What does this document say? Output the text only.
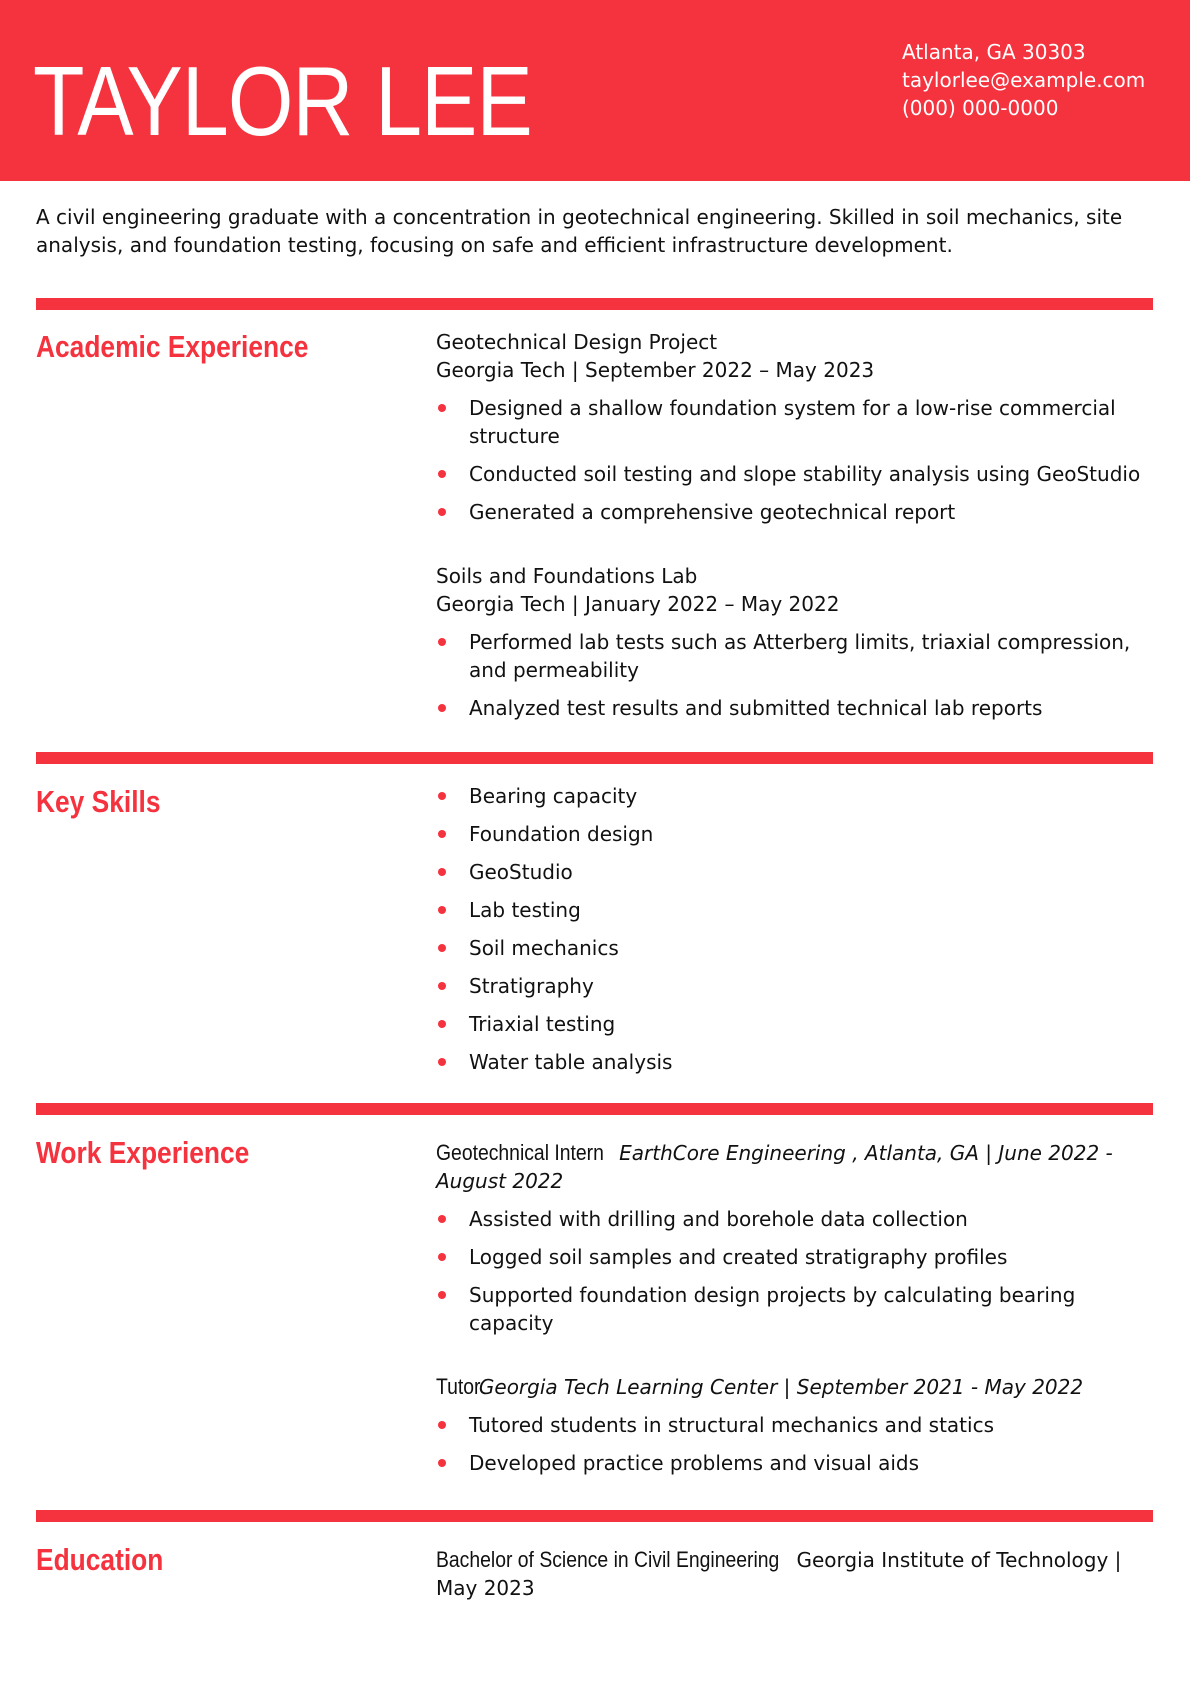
TAYLOR LEE	Atlanta, GA 30303
taylorlee@example.com
(000) 000-0000

A civil engineering graduate with a concentration in geotechnical engineering. Skilled in soil mechanics, site analysis, and foundation testing, focusing on safe and efficient infrastructure development.

Academic Experience	Geotechnical Design Project
Georgia Tech | September 2022 – May 2023
Designed a shallow foundation system for a low-rise commercial structure
Conducted soil testing and slope stability analysis using GeoStudio
Generated a comprehensive geotechnical report
Soils and Foundations Lab
Georgia Tech | January 2022 – May 2022
Performed lab tests such as Atterberg limits, triaxial compression, and permeability
Analyzed test results and submitted technical lab reports
Key Skills	Bearing capacity
Foundation design
GeoStudio
Lab testing
Soil mechanics
Stratigraphy
Triaxial testing
Water table analysis
Work Experience	Geotechnical Intern EarthCore Engineering , Atlanta, GA | June 2022 - August 2022
Assisted with drilling and borehole data collection
Logged soil samples and created stratigraphy profiles
Supported foundation design projects by calculating bearing capacity
Tutor Georgia Tech Learning Center | September 2021 - May 2022
Tutored students in structural mechanics and statics
Developed practice problems and visual aids
Education	Bachelor of Science in Civil Engineering Georgia Institute of Technology | May 2023
